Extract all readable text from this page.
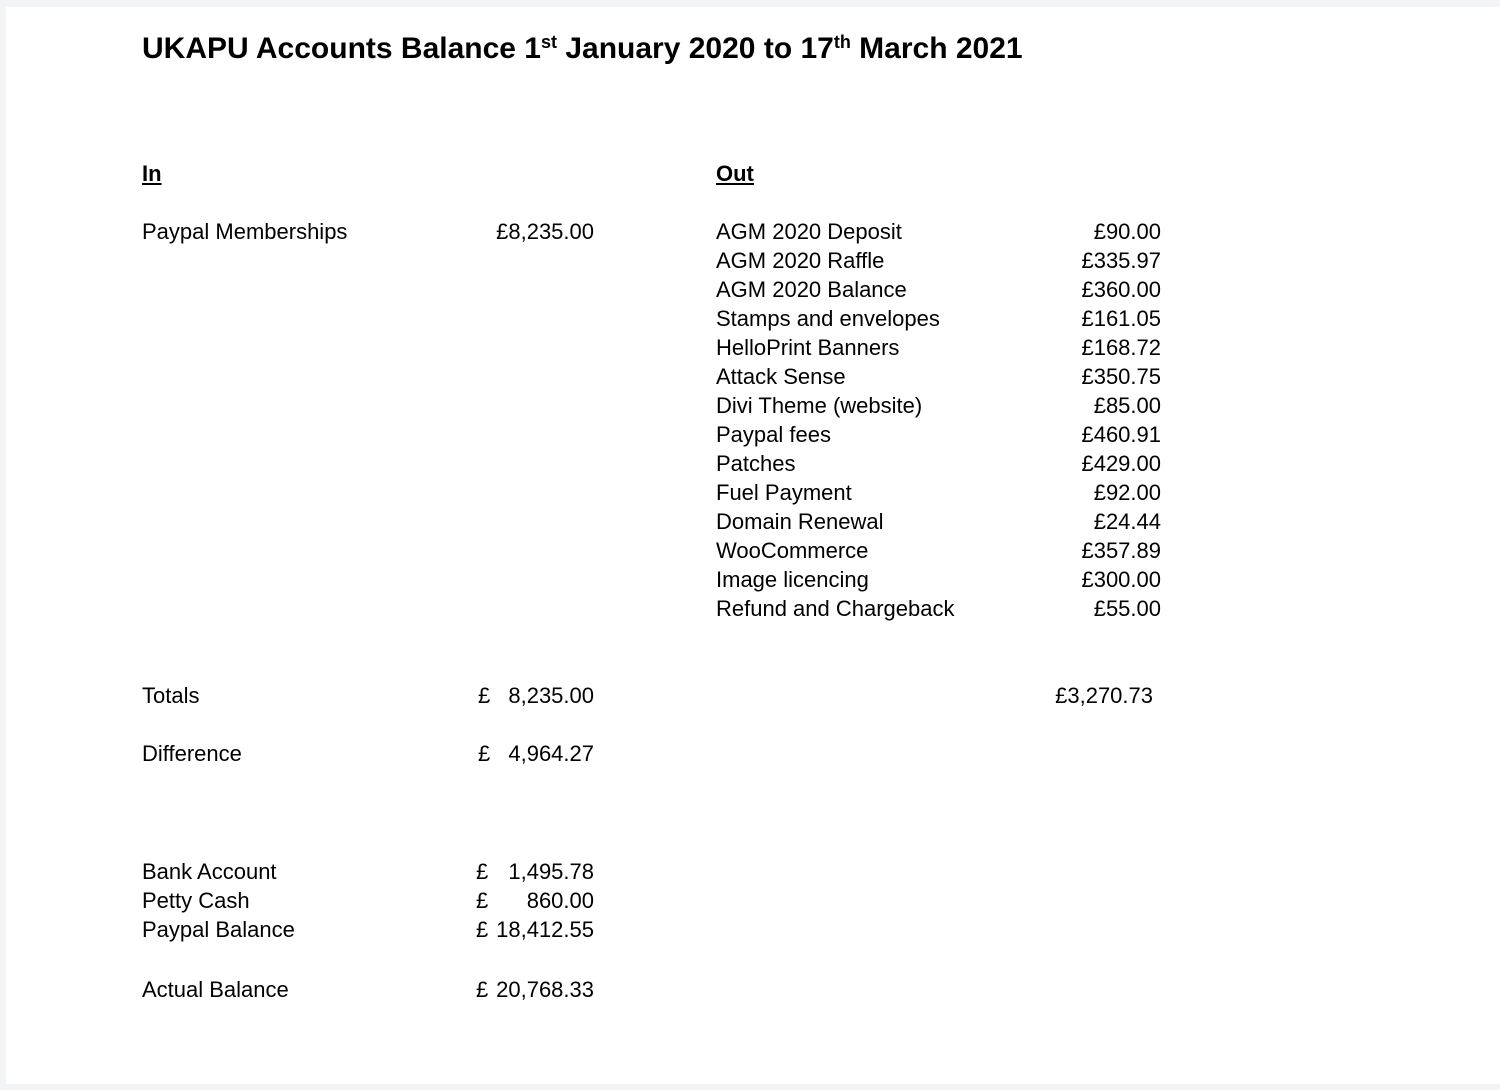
UKAPU Accounts Balance 1st January 2020 to 17th March 2021
In	Out
Paypal Memberships	£8,235.00	AGM 2020 Deposit	£90.00
AGM 2020 Raffle	£335.97
AGM 2020 Balance	£360.00
Stamps and envelopes	£161.05
HelloPrint Banners	£168.72
Attack Sense	£350.75
Divi Theme (website)	£85.00
Paypal fees	£460.91
Patches	£429.00
Fuel Payment	£92.00
Domain Renewal	£24.44
WooCommerce	£357.89
Image licencing	£300.00
Refund and Chargeback	£55.00
Totals	£ 8,235.00	£3,270.73
Difference	£ 4,964.27
Bank Account	£ 1,495.78
Petty Cash	£ 860.00
Paypal Balance	£ 18,412.55
Actual Balance	£ 20,768.33
